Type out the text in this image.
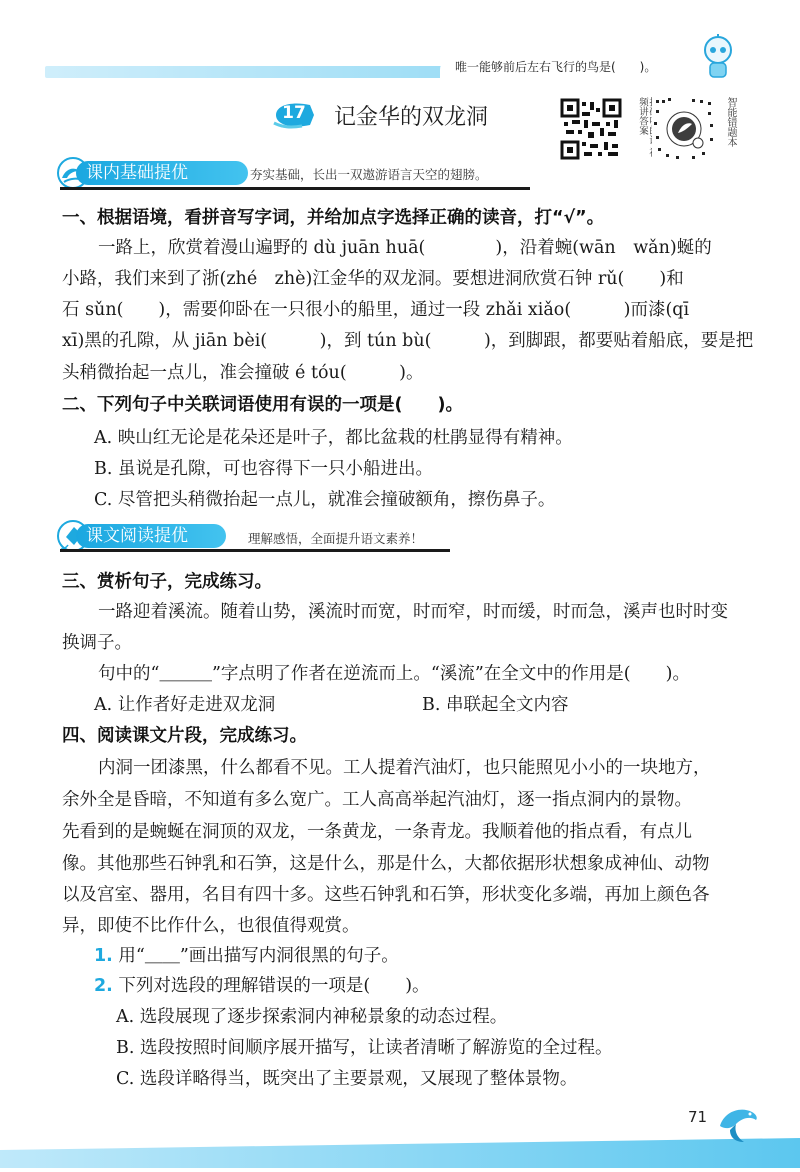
唯一能够前后左右飞行的鸟是(　　)。
17	记金华的双龙洞
频讲答案	智能错题本
课内基础提优	夯实基础，长出一双遨游语言天空的翅膀。
一、根据语境，看拼音写字词，并给加点字选择正确的读音，打“√”。
一路上，欣赏着漫山遍野的 dù juān huā(　　　　)，沿着蜿(wān　wǎn)蜒的
小路，我们来到了浙(zhé　zhè)江金华的双龙洞。要想进洞欣赏石钟 rǔ(　　)和
石 sǔn(　　)，需要仰卧在一只很小的船里，通过一段 zhǎi xiǎo(　　　)而漆(qī
xī)黑的孔隙，从 jiān bèi(　　　)，到 tún bù(　　　)，到脚跟，都要贴着船底，要是把
头稍微抬起一点儿，准会撞破 é tóu(　　　)。
二、下列句子中关联词语使用有误的一项是(　　)。
A. 映山红无论是花朵还是叶子，都比盆栽的杜鹃显得有精神。
B. 虽说是孔隙，可也容得下一只小船进出。
C. 尽管把头稍微抬起一点儿，就准会撞破额角，擦伤鼻子。
课文阅读提优	理解感悟，全面提升语文素养！
三、赏析句子，完成练习。
一路迎着溪流。随着山势，溪流时而宽，时而窄，时而缓，时而急，溪声也时时变
换调子。
句中的“＿＿＿”字点明了作者在逆流而上。“溪流”在全文中的作用是(　　)。
A. 让作者好走进双龙洞	B. 串联起全文内容
四、阅读课文片段，完成练习。
内洞一团漆黑，什么都看不见。工人提着汽油灯，也只能照见小小的一块地方，
余外全是昏暗，不知道有多么宽广。工人高高举起汽油灯，逐一指点洞内的景物。
先看到的是蜿蜒在洞顶的双龙，一条黄龙，一条青龙。我顺着他的指点看，有点儿
像。其他那些石钟乳和石笋，这是什么，那是什么，大都依据形状想象成神仙、动物
以及宫室、器用，名目有四十多。这些石钟乳和石笋，形状变化多端，再加上颜色各
异，即使不比作什么，也很值得观赏。
1. 用“＿＿”画出描写内洞很黑的句子。
2. 下列对选段的理解错误的一项是(　　)。
A. 选段展现了逐步探索洞内神秘景象的动态过程。
B. 选段按照时间顺序展开描写，让读者清晰了解游览的全过程。
C. 选段详略得当，既突出了主要景观，又展现了整体景物。
71
